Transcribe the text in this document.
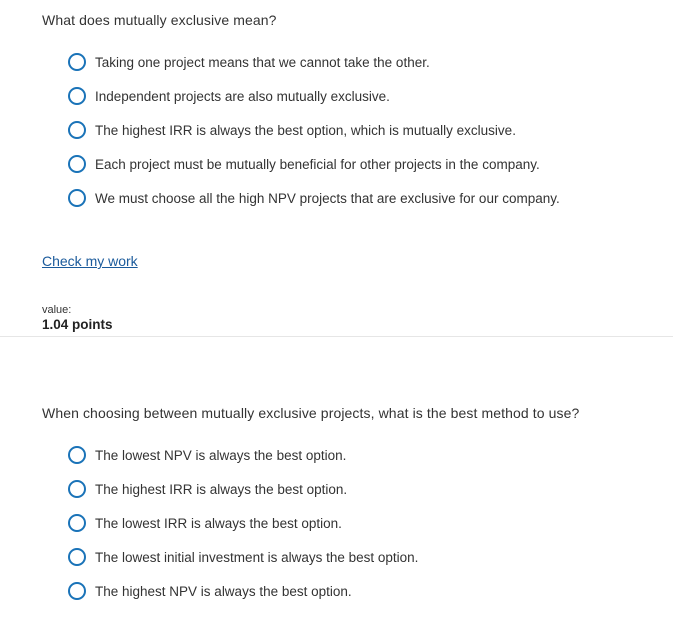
What does mutually exclusive mean?
Taking one project means that we cannot take the other.
Independent projects are also mutually exclusive.
The highest IRR is always the best option, which is mutually exclusive.
Each project must be mutually beneficial for other projects in the company.
We must choose all the high NPV projects that are exclusive for our company.
Check my work
value:
1.04 points
When choosing between mutually exclusive projects, what is the best method to use?
The lowest NPV is always the best option.
The highest IRR is always the best option.
The lowest IRR is always the best option.
The lowest initial investment is always the best option.
The highest NPV is always the best option.
